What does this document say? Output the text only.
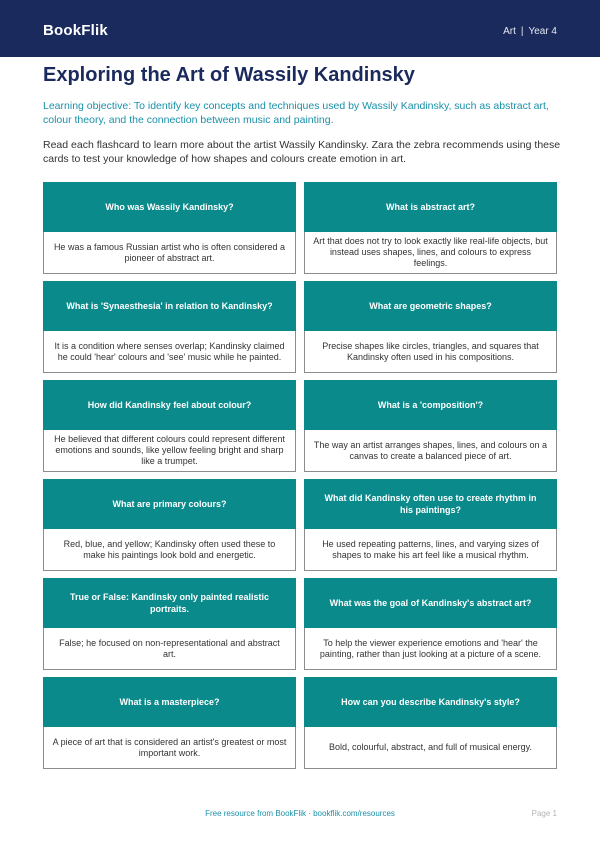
BookFlik	Art | Year 4
Exploring the Art of Wassily Kandinsky
Learning objective: To identify key concepts and techniques used by Wassily Kandinsky, such as abstract art, colour theory, and the connection between music and painting.
Read each flashcard to learn more about the artist Wassily Kandinsky. Zara the zebra recommends using these cards to test your knowledge of how shapes and colours create emotion in art.
Who was Wassily Kandinsky?
He was a famous Russian artist who is often considered a pioneer of abstract art.
What is abstract art?
Art that does not try to look exactly like real-life objects, but instead uses shapes, lines, and colours to express feelings.
What is 'Synaesthesia' in relation to Kandinsky?
It is a condition where senses overlap; Kandinsky claimed he could 'hear' colours and 'see' music while he painted.
What are geometric shapes?
Precise shapes like circles, triangles, and squares that Kandinsky often used in his compositions.
How did Kandinsky feel about colour?
He believed that different colours could represent different emotions and sounds, like yellow feeling bright and sharp like a trumpet.
What is a 'composition'?
The way an artist arranges shapes, lines, and colours on a canvas to create a balanced piece of art.
What are primary colours?
Red, blue, and yellow; Kandinsky often used these to make his paintings look bold and energetic.
What did Kandinsky often use to create rhythm in his paintings?
He used repeating patterns, lines, and varying sizes of shapes to make his art feel like a musical rhythm.
True or False: Kandinsky only painted realistic portraits.
False; he focused on non-representational and abstract art.
What was the goal of Kandinsky's abstract art?
To help the viewer experience emotions and 'hear' the painting, rather than just looking at a picture of a scene.
What is a masterpiece?
A piece of art that is considered an artist's greatest or most important work.
How can you describe Kandinsky's style?
Bold, colourful, abstract, and full of musical energy.
Free resource from BookFlik · bookflik.com/resources	Page 1
